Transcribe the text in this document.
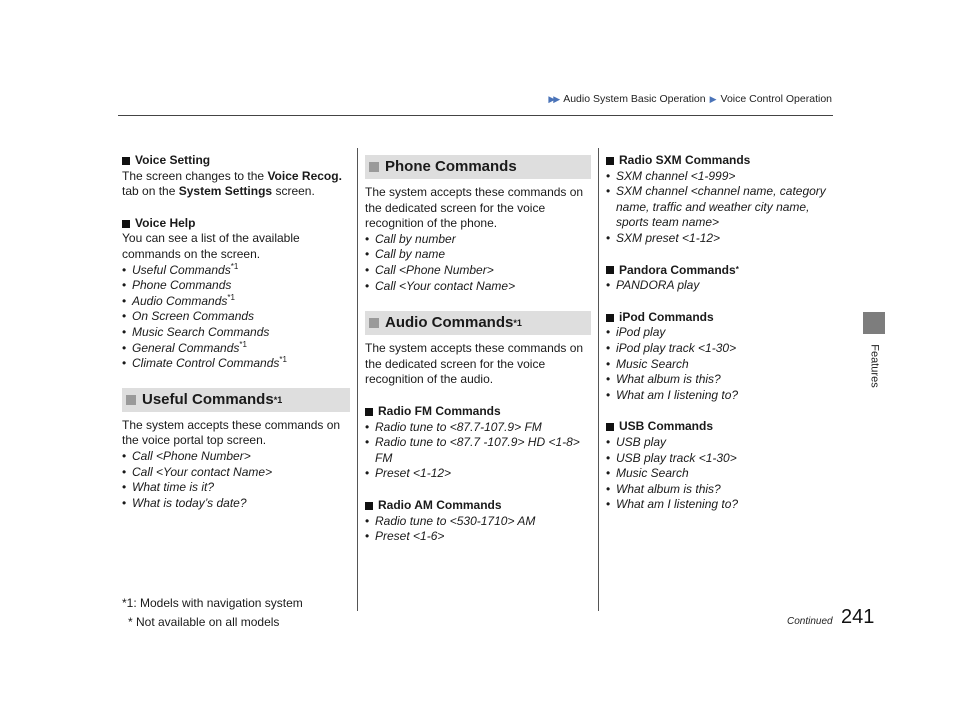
▶▶ Audio System Basic Operation ▶ Voice Control Operation
Features
Voice Setting

The screen changes to the Voice Recog. tab on the System Settings screen.

Voice Help

You can see a list of the available commands on the screen.

• Useful Commands$^{*1}$
• Phone Commands
• Audio Commands$^{*1}$
• On Screen Commands
• Music Search Commands
• General Commands$^{*1}$
• Climate Control Commands$^{*1}$
Useful Commands *1

The system accepts these commands on the voice portal top screen.

• Call <Phone Number>
• Call <Your contact Name>
• What time is it?
• What is today’s date?
Phone Commands

The system accepts these commands on the dedicated screen for the voice recognition of the phone.

• Call by number
• Call by name
• Call <Phone Number>
• Call <Your contact Name>
Audio Commands *1

The system accepts these commands on the dedicated screen for the voice recognition of the audio.

Radio FM Commands
• Radio tune to <87.7-107.9> FM
• Radio tune to <87.7 -107.9> HD <1-8> FM
• Preset <1-12>
Radio AM Commands
• Radio tune to <530-1710> AM
• Preset <1-6>
Radio SXM Commands
• SXM channel <1-999>
• SXM channel <channel name, category name, traffic and weather city name, sports team name>
• SXM preset <1-12>
Pandora Commands *
• PANDORA play
iPod Commands
• iPod play
• iPod play track <1-30>
• Music Search
• What album is this?
• What am I listening to?
USB Commands
• USB play
• USB play track <1-30>
• Music Search
• What album is this?
• What am I listening to?
*1: Models with navigation system
* Not available on all models	Continued 241
